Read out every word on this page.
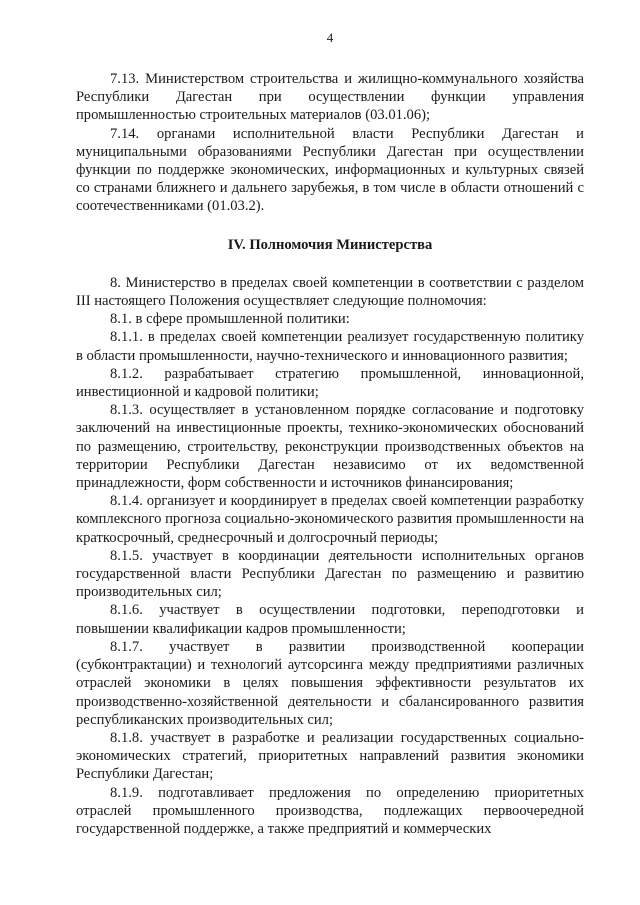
4

7.13. Министерством строительства и жилищно-коммунального хозяйства Республики Дагестан при осуществлении функции управления промышленностью строительных материалов (03.01.06);

7.14. органами исполнительной власти Республики Дагестан и муниципальными образованиями Республики Дагестан при осуществлении функции по поддержке экономических, информационных и культурных связей со странами ближнего и дальнего зарубежья, в том числе в области отношений с соотечественниками (01.03.2).

IV. Полномочия Министерства

8. Министерство в пределах своей компетенции в соответствии с разделом III настоящего Положения осуществляет следующие полномочия:

8.1. в сфере промышленной политики:

8.1.1. в пределах своей компетенции реализует государственную политику в области промышленности, научно-технического и инновационного развития;

8.1.2. разрабатывает стратегию промышленной, инновационной, инвестиционной и кадровой политики;

8.1.3. осуществляет в установленном порядке согласование и подготовку заключений на инвестиционные проекты, технико-экономических обоснований по размещению, строительству, реконструкции производственных объектов на территории Республики Дагестан независимо от их ведомственной принадлежности, форм собственности и источников финансирования;

8.1.4. организует и координирует в пределах своей компетенции разработку комплексного прогноза социально-экономического развития промышленности на краткосрочный, среднесрочный и долгосрочный периоды;

8.1.5. участвует в координации деятельности исполнительных органов государственной власти Республики Дагестан по размещению и развитию производительных сил;

8.1.6. участвует в осуществлении подготовки, переподготовки и повышении квалификации кадров промышленности;

8.1.7. участвует в развитии производственной кооперации (субконтрактации) и технологий аутсорсинга между предприятиями различных отраслей экономики в целях повышения эффективности результатов их производственно-хозяйственной деятельности и сбалансированного развития республиканских производительных сил;

8.1.8. участвует в разработке и реализации государственных социально-экономических стратегий, приоритетных направлений развития экономики Республики Дагестан;

8.1.9. подготавливает предложения по определению приоритетных отраслей промышленного производства, подлежащих первоочередной государственной поддержке, а также предприятий и коммерческих
